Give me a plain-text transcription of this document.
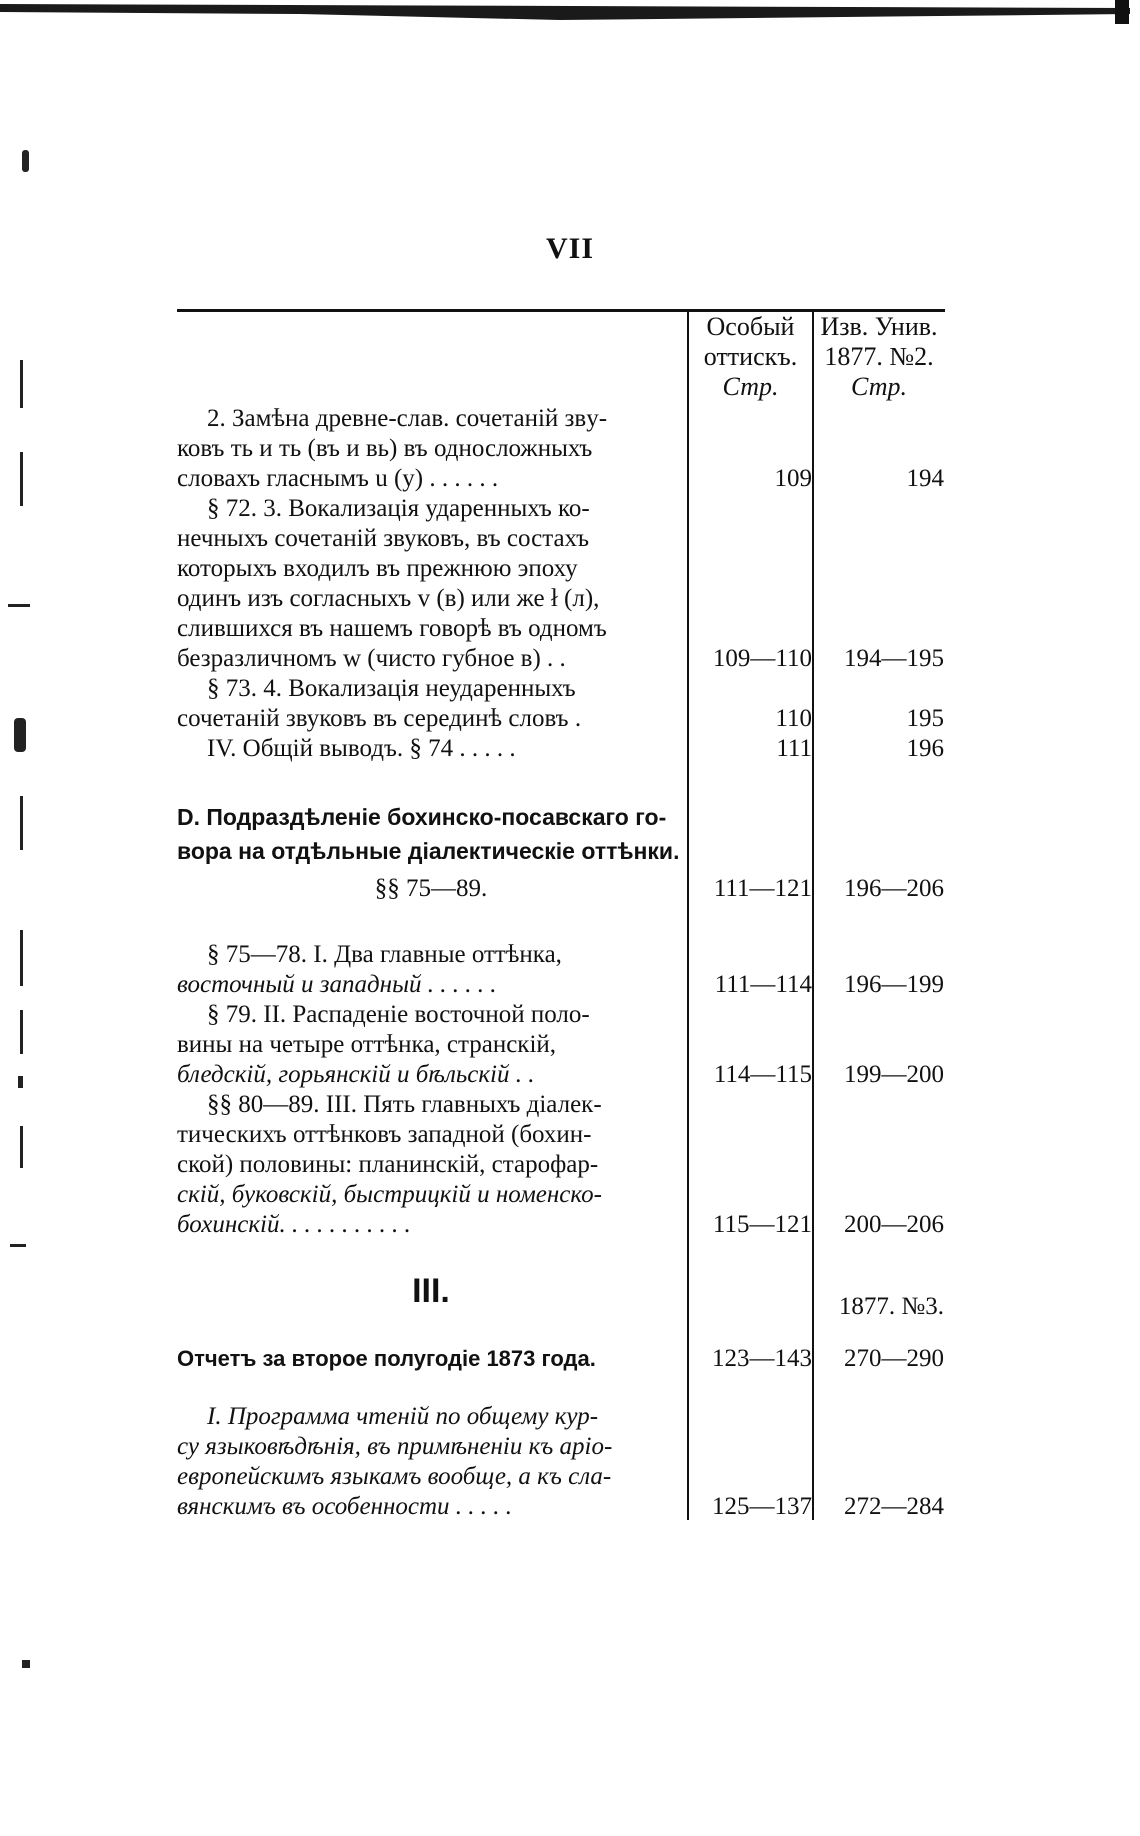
VII
Особый
оттискъ.
Стр.
Изв. Унив.
1877. №2.
Стр.
2. Замѣна древне-слав. сочетаній звy-
ковъ ть и ть (въ и вь) въ односложныхъ
словахъ гласнымъ u (у) . . . . . .	109	194
§ 72. 3. Вокализація ударенныхъ ко-
нечныхъ сочетаній звуковъ, въ состахъ
которыхъ входилъ въ прежнюю эпоху
одинъ изъ согласныхъ v (в) или же ł (л),
слившихся въ нашемъ говорѣ въ одномъ
безразличномъ w (чисто губное в) . .	109—110	194—195
§ 73. 4. Вокализація неударенныхъ
сочетаній звуковъ въ серединѣ словъ .	110	195
IV. Общій выводъ. § 74 . . . . .	111	196
D. Подраздѣленіе бохинско-посавскаго го-
вора на отдѣльные діалектическіе оттѣнки.
§§ 75—89.	111—121	196—206
§ 75—78. I. Два главные оттѣнка,
восточный и западный . . . . . .	111—114	196—199
§ 79. II. Распаденіе восточной поло-
вины на четыре оттѣнка, странскій,
бледскій, горьянскій и бѣльскій . .	114—115	199—200
§§ 80—89. III. Пять главныхъ діалек-
тическихъ оттѣнковъ западной (бохин-
ской) половины: планинскій, старофар-
скій, буковскій, быстрицкій и номенско-
бохинскій. . . . . . . . . . .	115—121	200—206
III.	1877. №3.
Отчетъ за второе полугодіе 1873 года.	123—143	270—290
I. Программа чтеній по общему кур-
су языковѣдѣнія, въ примѣненіи къ аріо-
европейскимъ языкамъ вообще, а къ сла-
вянскимъ въ особенности . . . . .	125—137	272—284
